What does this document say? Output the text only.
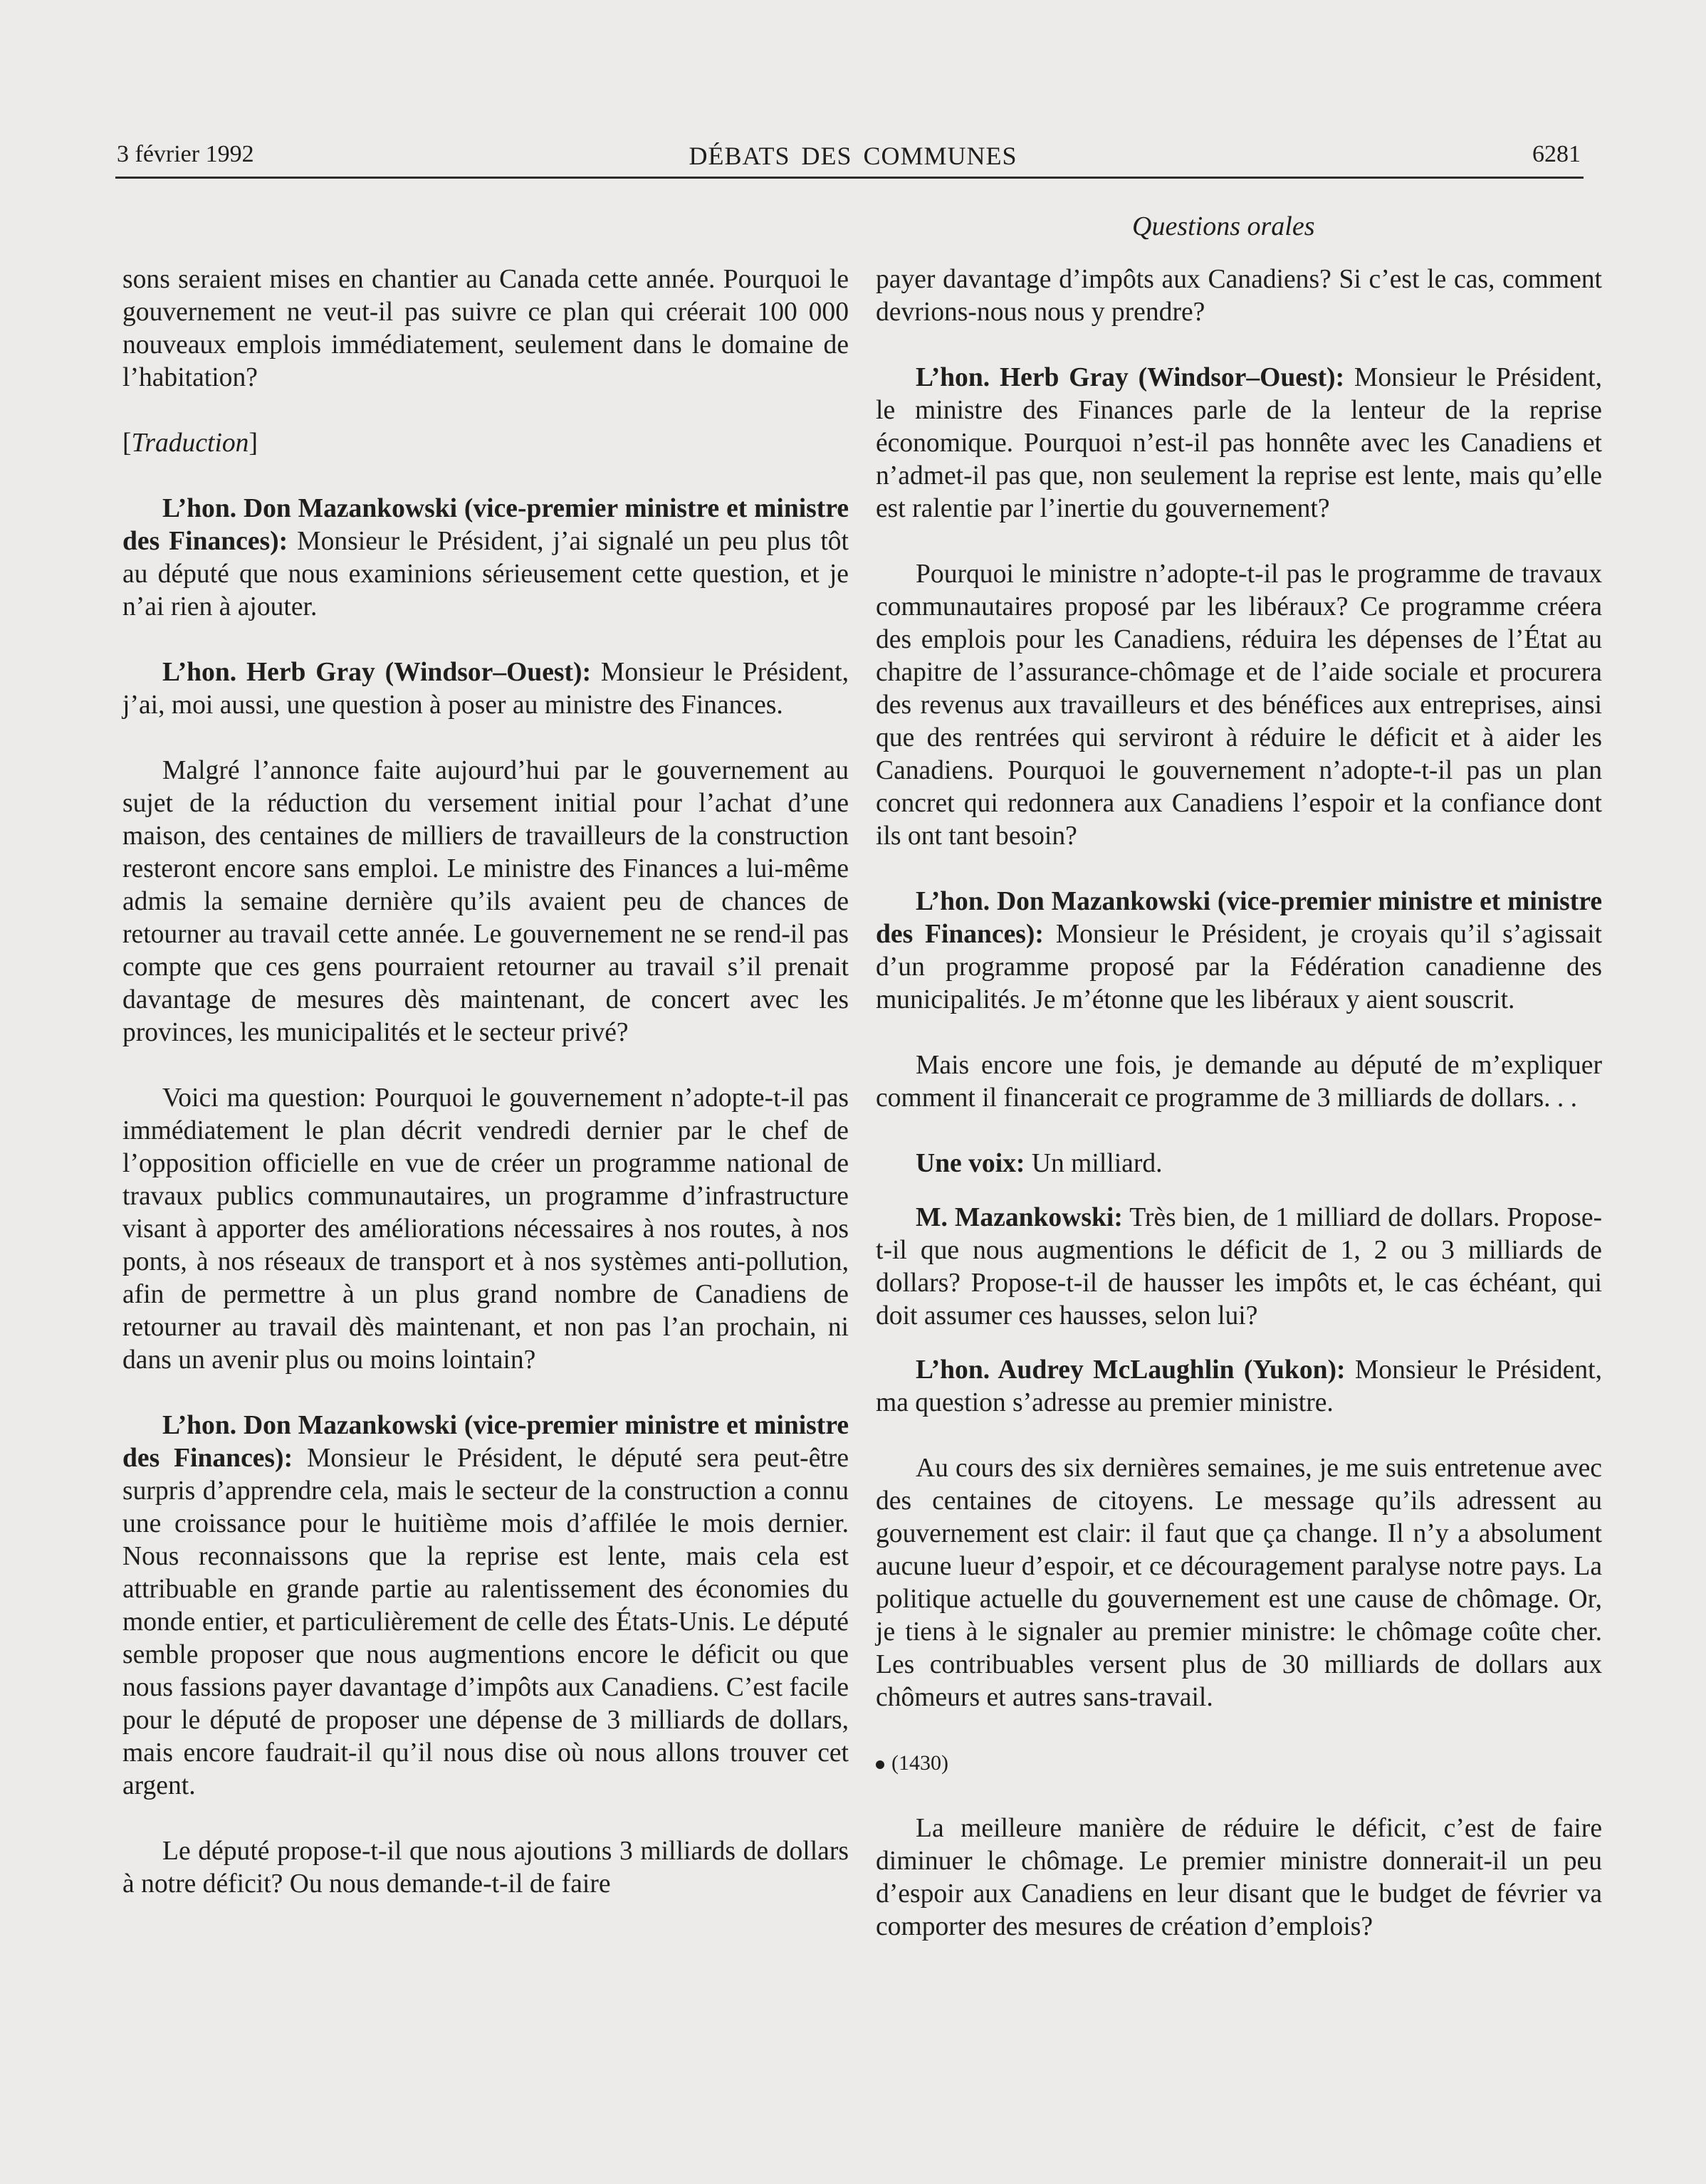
3 février 1992	DÉBATS DES COMMUNES	6281
Questions orales

sons seraient mises en chantier au Canada cette année. Pourquoi le gouvernement ne veut-il pas suivre ce plan qui créerait 100 000 nouveaux emplois immédiatement, seulement dans le domaine de l’habitation?

[Traduction]

L’hon. Don Mazankowski (vice-premier ministre et ministre des Finances): Monsieur le Président, j’ai signalé un peu plus tôt au député que nous examinions sérieusement cette question, et je n’ai rien à ajouter.

L’hon. Herb Gray (Windsor–Ouest): Monsieur le Président, j’ai, moi aussi, une question à poser au ministre des Finances.

Malgré l’annonce faite aujourd’hui par le gouvernement au sujet de la réduction du versement initial pour l’achat d’une maison, des centaines de milliers de travailleurs de la construction resteront encore sans emploi. Le ministre des Finances a lui-même admis la semaine dernière qu’ils avaient peu de chances de retourner au travail cette année. Le gouvernement ne se rend-il pas compte que ces gens pourraient retourner au travail s’il prenait davantage de mesures dès maintenant, de concert avec les provinces, les municipalités et le secteur privé?

Voici ma question: Pourquoi le gouvernement n’adopte-t-il pas immédiatement le plan décrit vendredi dernier par le chef de l’opposition officielle en vue de créer un programme national de travaux publics communautaires, un programme d’infrastructure visant à apporter des améliorations nécessaires à nos routes, à nos ponts, à nos réseaux de transport et à nos systèmes anti-pollution, afin de permettre à un plus grand nombre de Canadiens de retourner au travail dès maintenant, et non pas l’an prochain, ni dans un avenir plus ou moins lointain?

L’hon. Don Mazankowski (vice-premier ministre et ministre des Finances): Monsieur le Président, le député sera peut-être surpris d’apprendre cela, mais le secteur de la construction a connu une croissance pour le huitième mois d’affilée le mois dernier. Nous reconnaissons que la reprise est lente, mais cela est attribuable en grande partie au ralentissement des économies du monde entier, et particulièrement de celle des États-Unis. Le député semble proposer que nous augmentions encore le déficit ou que nous fassions payer davantage d’impôts aux Canadiens. C’est facile pour le député de proposer une dépense de 3 milliards de dollars, mais encore faudrait-il qu’il nous dise où nous allons trouver cet argent.

Le député propose-t-il que nous ajoutions 3 milliards de dollars à notre déficit? Ou nous demande-t-il de faire

payer davantage d’impôts aux Canadiens? Si c’est le cas, comment devrions-nous nous y prendre?

L’hon. Herb Gray (Windsor–Ouest): Monsieur le Président, le ministre des Finances parle de la lenteur de la reprise économique. Pourquoi n’est-il pas honnête avec les Canadiens et n’admet-il pas que, non seulement la reprise est lente, mais qu’elle est ralentie par l’inertie du gouvernement?

Pourquoi le ministre n’adopte-t-il pas le programme de travaux communautaires proposé par les libéraux? Ce programme créera des emplois pour les Canadiens, réduira les dépenses de l’État au chapitre de l’assurance-chômage et de l’aide sociale et procurera des revenus aux travailleurs et des bénéfices aux entreprises, ainsi que des rentrées qui serviront à réduire le déficit et à aider les Canadiens. Pourquoi le gouvernement n’adopte-t-il pas un plan concret qui redonnera aux Canadiens l’espoir et la confiance dont ils ont tant besoin?

L’hon. Don Mazankowski (vice-premier ministre et ministre des Finances): Monsieur le Président, je croyais qu’il s’agissait d’un programme proposé par la Fédération canadienne des municipalités. Je m’étonne que les libéraux y aient souscrit.

Mais encore une fois, je demande au député de m’expliquer comment il financerait ce programme de 3 milliards de dollars. . .

Une voix: Un milliard.

M. Mazankowski: Très bien, de 1 milliard de dollars. Propose-t-il que nous augmentions le déficit de 1, 2 ou 3 milliards de dollars? Propose-t-il de hausser les impôts et, le cas échéant, qui doit assumer ces hausses, selon lui?

L’hon. Audrey McLaughlin (Yukon): Monsieur le Président, ma question s’adresse au premier ministre.

Au cours des six dernières semaines, je me suis entretenue avec des centaines de citoyens. Le message qu’ils adressent au gouvernement est clair: il faut que ça change. Il n’y a absolument aucune lueur d’espoir, et ce découragement paralyse notre pays. La politique actuelle du gouvernement est une cause de chômage. Or, je tiens à le signaler au premier ministre: le chômage coûte cher. Les contribuables versent plus de 30 milliards de dollars aux chômeurs et autres sans-travail.

(1430)

La meilleure manière de réduire le déficit, c’est de faire diminuer le chômage. Le premier ministre donnerait-il un peu d’espoir aux Canadiens en leur disant que le budget de février va comporter des mesures de création d’emplois?
